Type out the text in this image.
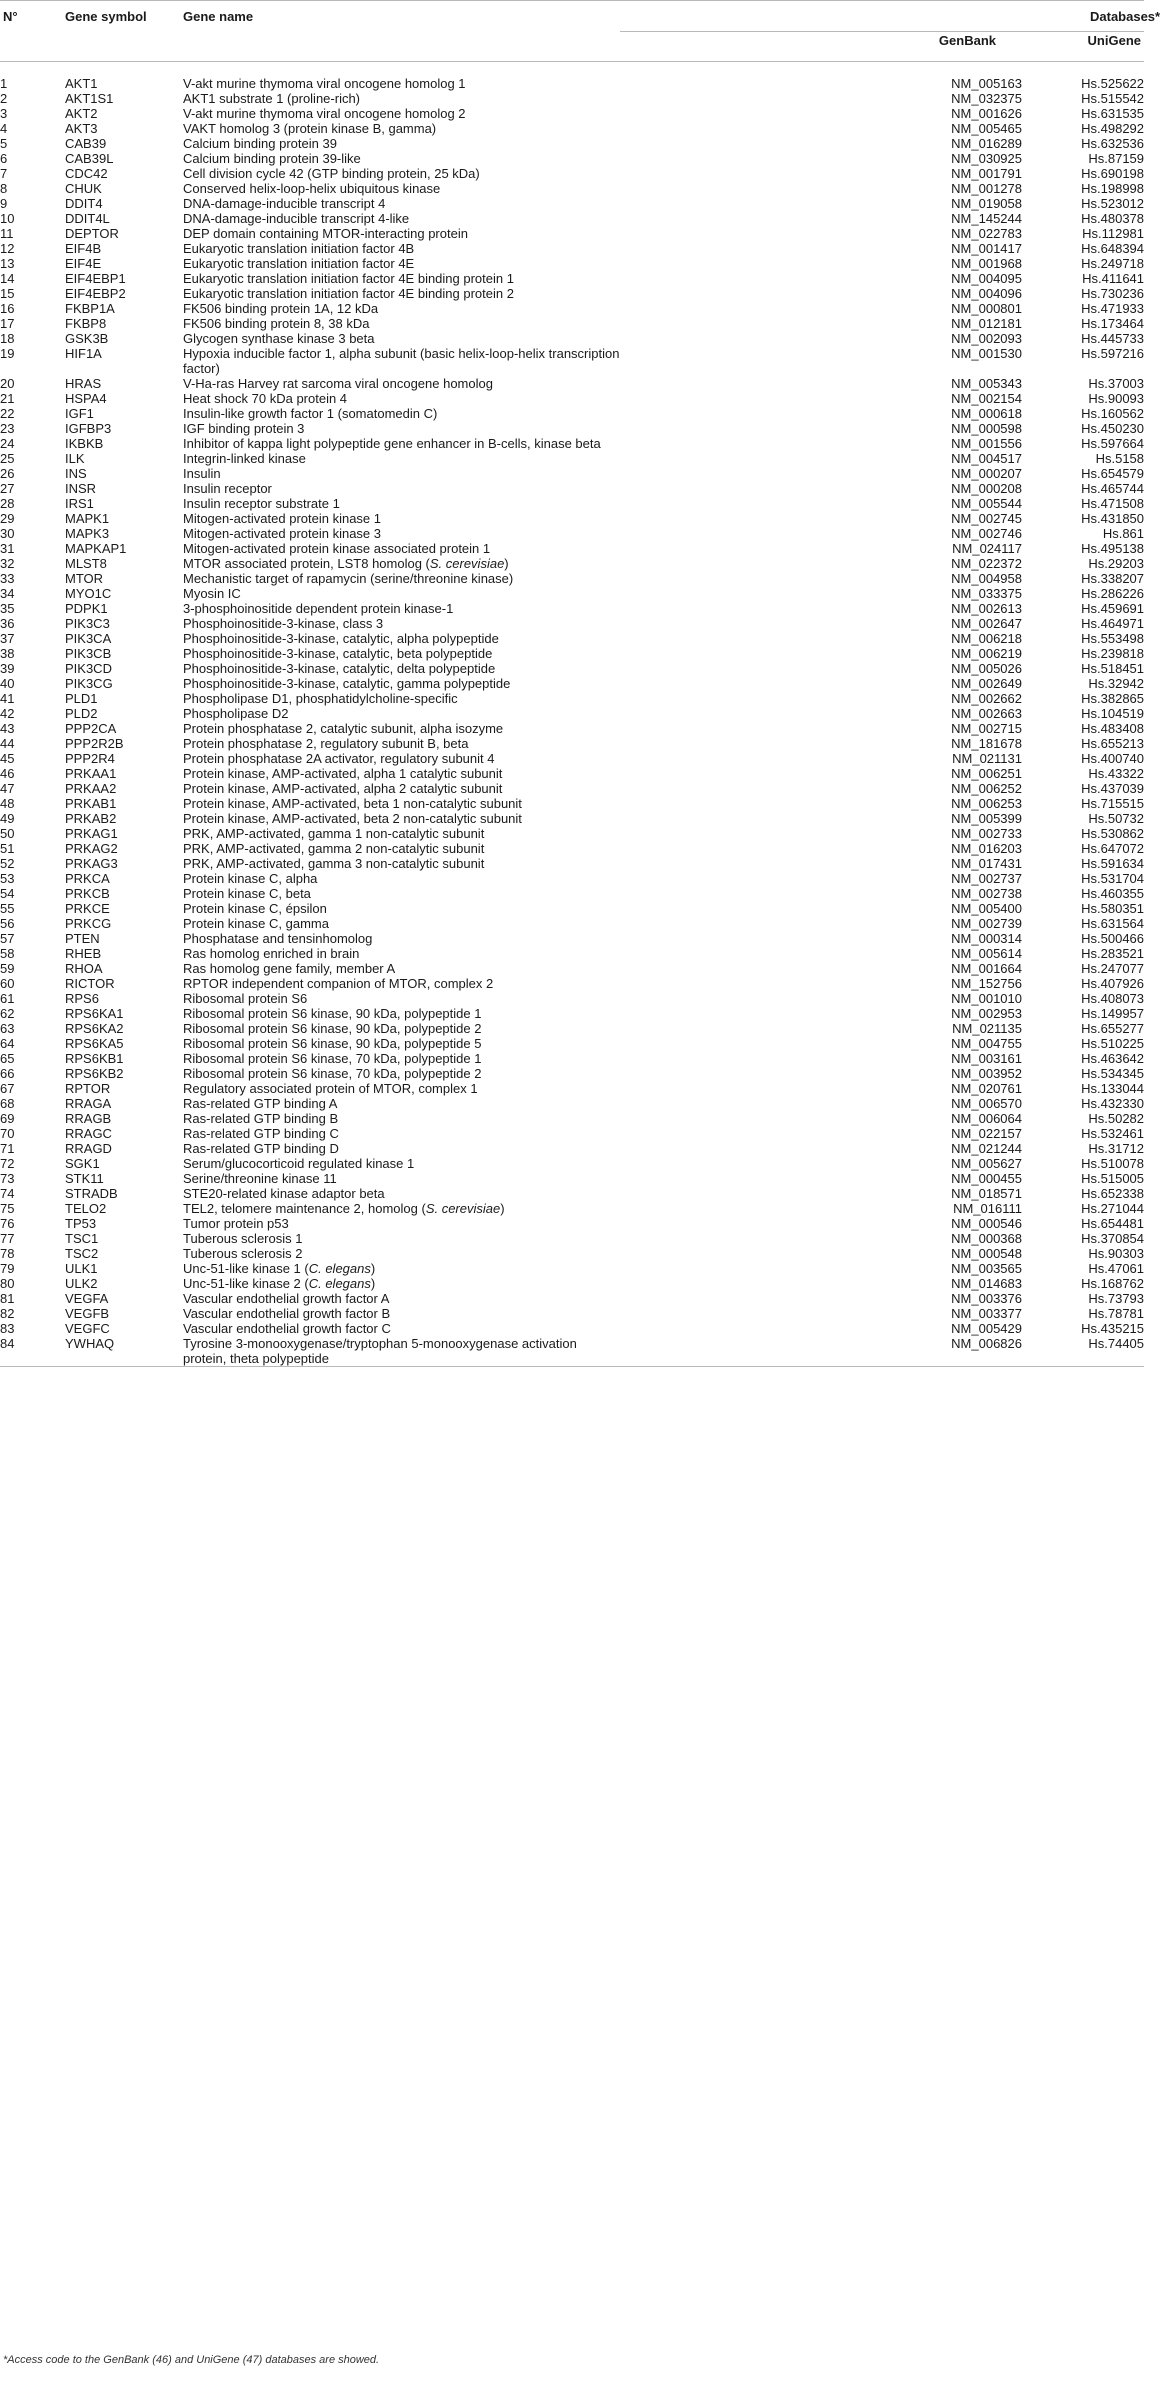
N°	Gene symbol	Gene name	Databases*	
			GenBank	UniGene

1	AKT1	V-akt murine thymoma viral oncogene homolog 1	NM_005163	Hs.525622
2	AKT1S1	AKT1 substrate 1 (proline-rich)	NM_032375	Hs.515542
3	AKT2	V-akt murine thymoma viral oncogene homolog 2	NM_001626	Hs.631535
4	AKT3	VAKT homolog 3 (protein kinase B, gamma)	NM_005465	Hs.498292
5	CAB39	Calcium binding protein 39	NM_016289	Hs.632536
6	CAB39L	Calcium binding protein 39-like	NM_030925	Hs.87159
7	CDC42	Cell division cycle 42 (GTP binding protein, 25 kDa)	NM_001791	Hs.690198
8	CHUK	Conserved helix-loop-helix ubiquitous kinase	NM_001278	Hs.198998
9	DDIT4	DNA-damage-inducible transcript 4	NM_019058	Hs.523012
10	DDIT4L	DNA-damage-inducible transcript 4-like	NM_145244	Hs.480378
11	DEPTOR	DEP domain containing MTOR-interacting protein	NM_022783	Hs.112981
12	EIF4B	Eukaryotic translation initiation factor 4B	NM_001417	Hs.648394
13	EIF4E	Eukaryotic translation initiation factor 4E	NM_001968	Hs.249718
14	EIF4EBP1	Eukaryotic translation initiation factor 4E binding protein 1	NM_004095	Hs.411641
15	EIF4EBP2	Eukaryotic translation initiation factor 4E binding protein 2	NM_004096	Hs.730236
16	FKBP1A	FK506 binding protein 1A, 12 kDa	NM_000801	Hs.471933
17	FKBP8	FK506 binding protein 8, 38 kDa	NM_012181	Hs.173464
18	GSK3B	Glycogen synthase kinase 3 beta	NM_002093	Hs.445733
19	HIF1A	Hypoxia inducible factor 1, alpha subunit (basic helix-loop-helix transcription factor)	NM_001530	Hs.597216
20	HRAS	V-Ha-ras Harvey rat sarcoma viral oncogene homolog	NM_005343	Hs.37003
21	HSPA4	Heat shock 70 kDa protein 4	NM_002154	Hs.90093
22	IGF1	Insulin-like growth factor 1 (somatomedin C)	NM_000618	Hs.160562
23	IGFBP3	IGF binding protein 3	NM_000598	Hs.450230
24	IKBKB	Inhibitor of kappa light polypeptide gene enhancer in B-cells, kinase beta	NM_001556	Hs.597664
25	ILK	Integrin-linked kinase	NM_004517	Hs.5158
26	INS	Insulin	NM_000207	Hs.654579
27	INSR	Insulin receptor	NM_000208	Hs.465744
28	IRS1	Insulin receptor substrate 1	NM_005544	Hs.471508
29	MAPK1	Mitogen-activated protein kinase 1	NM_002745	Hs.431850
30	MAPK3	Mitogen-activated protein kinase 3	NM_002746	Hs.861
31	MAPKAP1	Mitogen-activated protein kinase associated protein 1	NM_024117	Hs.495138
32	MLST8	MTOR associated protein, LST8 homolog (S. cerevisiae)	NM_022372	Hs.29203
33	MTOR	Mechanistic target of rapamycin (serine/threonine kinase)	NM_004958	Hs.338207
34	MYO1C	Myosin IC	NM_033375	Hs.286226
35	PDPK1	3-phosphoinositide dependent protein kinase-1	NM_002613	Hs.459691
36	PIK3C3	Phosphoinositide-3-kinase, class 3	NM_002647	Hs.464971
37	PIK3CA	Phosphoinositide-3-kinase, catalytic, alpha polypeptide	NM_006218	Hs.553498
38	PIK3CB	Phosphoinositide-3-kinase, catalytic, beta polypeptide	NM_006219	Hs.239818
39	PIK3CD	Phosphoinositide-3-kinase, catalytic, delta polypeptide	NM_005026	Hs.518451
40	PIK3CG	Phosphoinositide-3-kinase, catalytic, gamma polypeptide	NM_002649	Hs.32942
41	PLD1	Phospholipase D1, phosphatidylcholine-specific	NM_002662	Hs.382865
42	PLD2	Phospholipase D2	NM_002663	Hs.104519
43	PPP2CA	Protein phosphatase 2, catalytic subunit, alpha isozyme	NM_002715	Hs.483408
44	PPP2R2B	Protein phosphatase 2, regulatory subunit B, beta	NM_181678	Hs.655213
45	PPP2R4	Protein phosphatase 2A activator, regulatory subunit 4	NM_021131	Hs.400740
46	PRKAA1	Protein kinase, AMP-activated, alpha 1 catalytic subunit	NM_006251	Hs.43322
47	PRKAA2	Protein kinase, AMP-activated, alpha 2 catalytic subunit	NM_006252	Hs.437039
48	PRKAB1	Protein kinase, AMP-activated, beta 1 non-catalytic subunit	NM_006253	Hs.715515
49	PRKAB2	Protein kinase, AMP-activated, beta 2 non-catalytic subunit	NM_005399	Hs.50732
50	PRKAG1	PRK, AMP-activated, gamma 1 non-catalytic subunit	NM_002733	Hs.530862
51	PRKAG2	PRK, AMP-activated, gamma 2 non-catalytic subunit	NM_016203	Hs.647072
52	PRKAG3	PRK, AMP-activated, gamma 3 non-catalytic subunit	NM_017431	Hs.591634
53	PRKCA	Protein kinase C, alpha	NM_002737	Hs.531704
54	PRKCB	Protein kinase C, beta	NM_002738	Hs.460355
55	PRKCE	Protein kinase C, épsilon	NM_005400	Hs.580351
56	PRKCG	Protein kinase C, gamma	NM_002739	Hs.631564
57	PTEN	Phosphatase and tensinhomolog	NM_000314	Hs.500466
58	RHEB	Ras homolog enriched in brain	NM_005614	Hs.283521
59	RHOA	Ras homolog gene family, member A	NM_001664	Hs.247077
60	RICTOR	RPTOR independent companion of MTOR, complex 2	NM_152756	Hs.407926
61	RPS6	Ribosomal protein S6	NM_001010	Hs.408073
62	RPS6KA1	Ribosomal protein S6 kinase, 90 kDa, polypeptide 1	NM_002953	Hs.149957
63	RPS6KA2	Ribosomal protein S6 kinase, 90 kDa, polypeptide 2	NM_021135	Hs.655277
64	RPS6KA5	Ribosomal protein S6 kinase, 90 kDa, polypeptide 5	NM_004755	Hs.510225
65	RPS6KB1	Ribosomal protein S6 kinase, 70 kDa, polypeptide 1	NM_003161	Hs.463642
66	RPS6KB2	Ribosomal protein S6 kinase, 70 kDa, polypeptide 2	NM_003952	Hs.534345
67	RPTOR	Regulatory associated protein of MTOR, complex 1	NM_020761	Hs.133044
68	RRAGA	Ras-related GTP binding A	NM_006570	Hs.432330
69	RRAGB	Ras-related GTP binding B	NM_006064	Hs.50282
70	RRAGC	Ras-related GTP binding C	NM_022157	Hs.532461
71	RRAGD	Ras-related GTP binding D	NM_021244	Hs.31712
72	SGK1	Serum/glucocorticoid regulated kinase 1	NM_005627	Hs.510078
73	STK11	Serine/threonine kinase 11	NM_000455	Hs.515005
74	STRADB	STE20-related kinase adaptor beta	NM_018571	Hs.652338
75	TELO2	TEL2, telomere maintenance 2, homolog (S. cerevisiae)	NM_016111	Hs.271044
76	TP53	Tumor protein p53	NM_000546	Hs.654481
77	TSC1	Tuberous sclerosis 1	NM_000368	Hs.370854
78	TSC2	Tuberous sclerosis 2	NM_000548	Hs.90303
79	ULK1	Unc-51-like kinase 1 (C. elegans)	NM_003565	Hs.47061
80	ULK2	Unc-51-like kinase 2 (C. elegans)	NM_014683	Hs.168762
81	VEGFA	Vascular endothelial growth factor A	NM_003376	Hs.73793
82	VEGFB	Vascular endothelial growth factor B	NM_003377	Hs.78781
83	VEGFC	Vascular endothelial growth factor C	NM_005429	Hs.435215
84	YWHAQ	Tyrosine 3-monooxygenase/tryptophan 5-monooxygenase activation protein, theta polypeptide	NM_006826	Hs.74405
*Access code to the GenBank (46) and UniGene (47) databases are showed.
